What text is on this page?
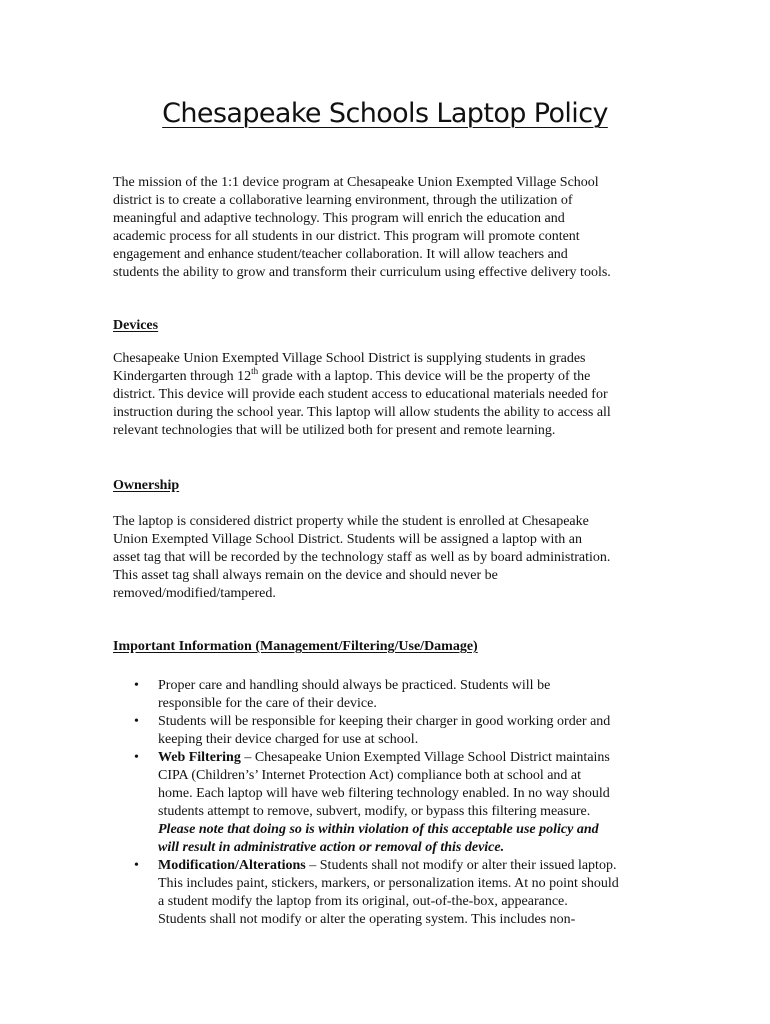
Chesapeake Schools Laptop Policy
The mission of the 1:1 device program at Chesapeake Union Exempted Village School
district is to create a collaborative learning environment, through the utilization of
meaningful and adaptive technology. This program will enrich the education and
academic process for all students in our district. This program will promote content
engagement and enhance student/teacher collaboration. It will allow teachers and
students the ability to grow and transform their curriculum using effective delivery tools.
Devices
Chesapeake Union Exempted Village School District is supplying students in grades
Kindergarten through 12th grade with a laptop. This device will be the property of the
district. This device will provide each student access to educational materials needed for
instruction during the school year. This laptop will allow students the ability to access all
relevant technologies that will be utilized both for present and remote learning.
Ownership
The laptop is considered district property while the student is enrolled at Chesapeake
Union Exempted Village School District. Students will be assigned a laptop with an
asset tag that will be recorded by the technology staff as well as by board administration.
This asset tag shall always remain on the device and should never be
removed/modified/tampered.
Important Information (Management/Filtering/Use/Damage)
• Proper care and handling should always be practiced. Students will be
responsible for the care of their device.
• Students will be responsible for keeping their charger in good working order and
keeping their device charged for use at school.
• Web Filtering – Chesapeake Union Exempted Village School District maintains
CIPA (Children’s’ Internet Protection Act) compliance both at school and at
home. Each laptop will have web filtering technology enabled. In no way should
students attempt to remove, subvert, modify, or bypass this filtering measure.
Please note that doing so is within violation of this acceptable use policy and
will result in administrative action or removal of this device.
• Modification/Alterations – Students shall not modify or alter their issued laptop.
This includes paint, stickers, markers, or personalization items. At no point should
a student modify the laptop from its original, out-of-the-box, appearance.
Students shall not modify or alter the operating system. This includes non-
